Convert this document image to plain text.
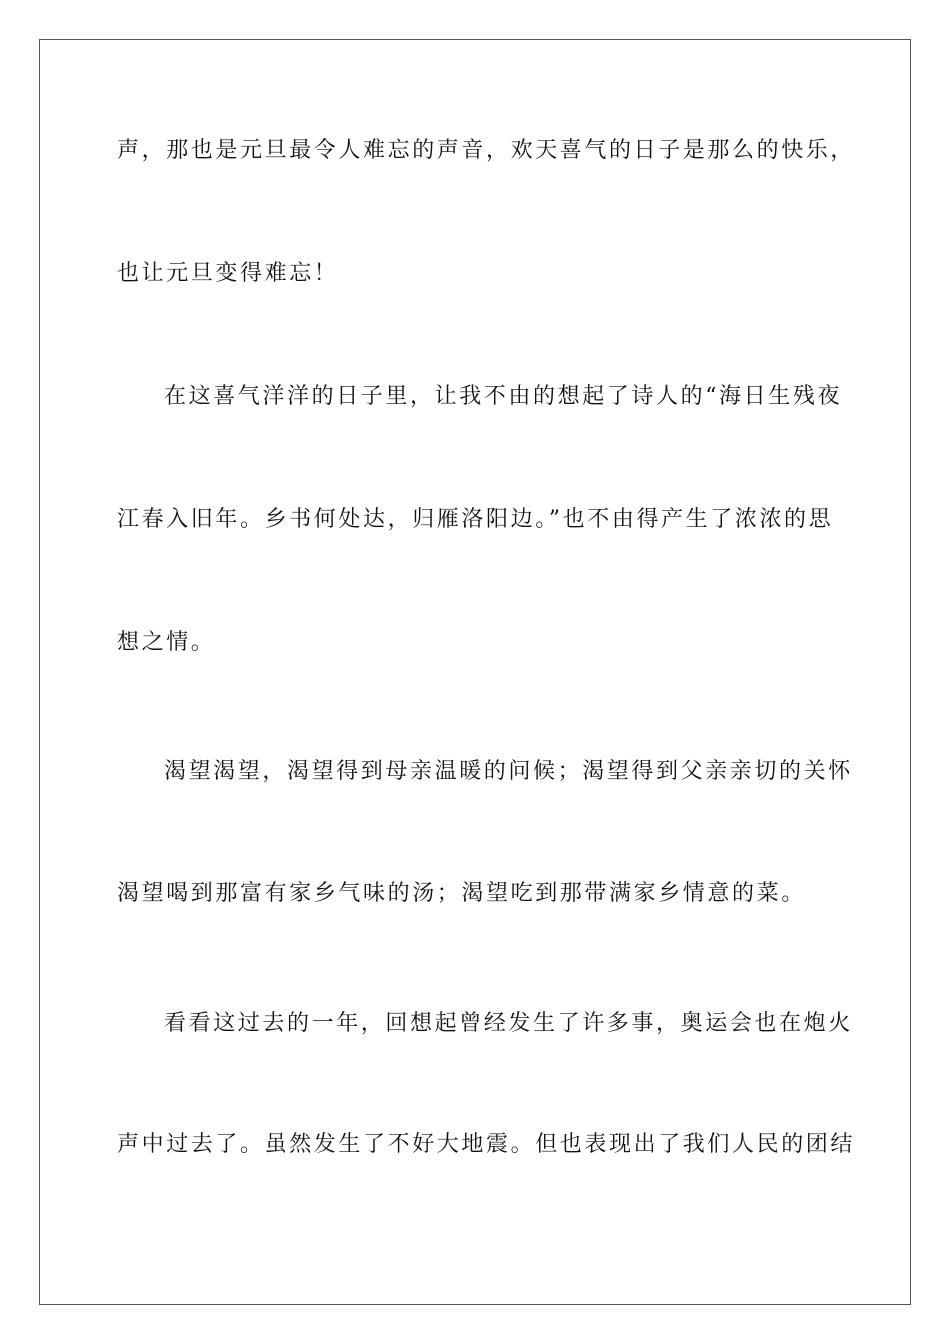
声，那也是元旦最令人难忘的声音，欢天喜气的日子是那么的快乐，
也让元旦变得难忘！
在这喜气洋洋的日子里，让我不由的想起了诗人的“海日生残夜
江春入旧年。乡书何处达，归雁洛阳边。”也不由得产生了浓浓的思
想之情。
渴望渴望，渴望得到母亲温暖的问候；渴望得到父亲亲切的关怀
渴望喝到那富有家乡气味的汤；渴望吃到那带满家乡情意的菜。
看看这过去的一年，回想起曾经发生了许多事，奥运会也在炮火
声中过去了。虽然发生了不好大地震。但也表现出了我们人民的团结
